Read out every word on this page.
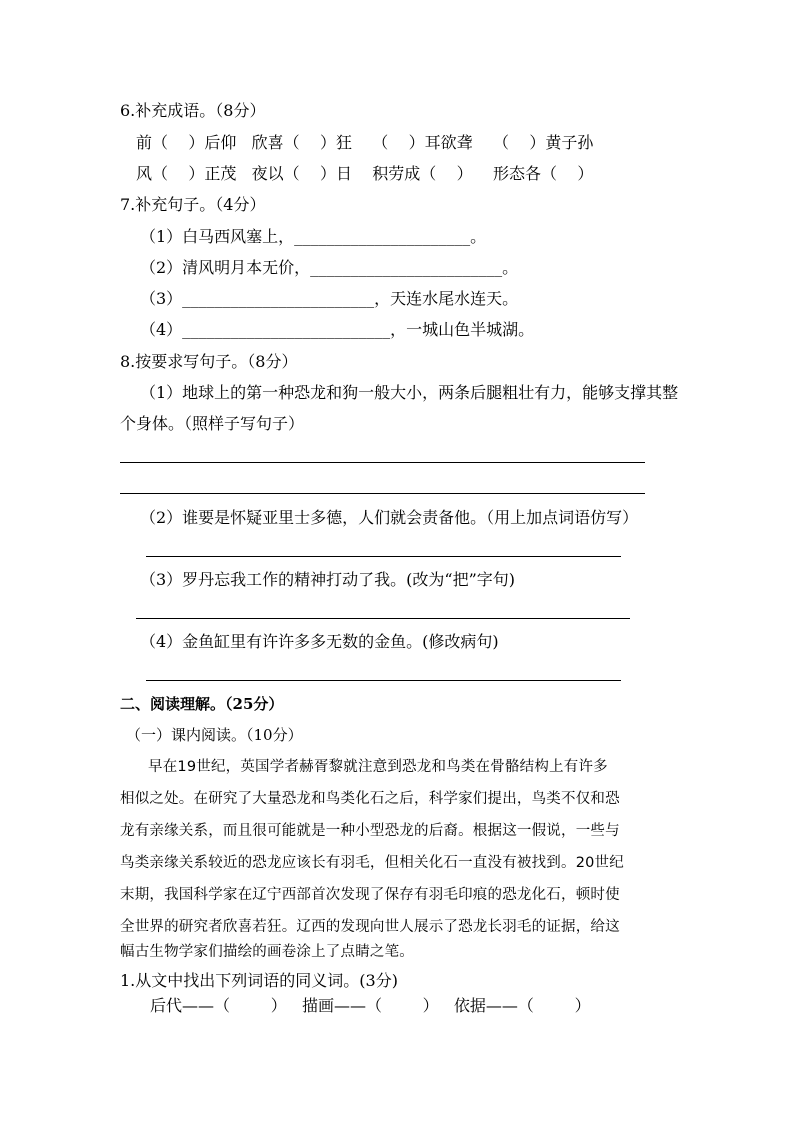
6.补充成语。（8分）
前（    ）后仰   欣喜（    ）狂    （    ）耳欲聋    （    ）黄子孙
风（    ）正茂   夜以（    ）日    积劳成（    ）    形态各（    ）
7.补充句子。（4分）
（1）白马西风塞上，______________________。
（2）清风明月本无价，________________________。
（3）________________________，天连水尾水连天。
（4）__________________________，一城山色半城湖。
8.按要求写句子。（8分）
（1）地球上的第一种恐龙和狗一般大小，两条后腿粗壮有力，能够支撑其整
个身体。（照样子写句子）
（2）谁要是怀疑亚里士多德，人们就会责备他。（用上加点词语仿写）
（3）罗丹忘我工作的精神打动了我。(改为“把”字句)
（4）金鱼缸里有许许多多无数的金鱼。(修改病句)
二、阅读理解。（25分）
（一）课内阅读。（10分）
早在19世纪，英国学者赫胥黎就注意到恐龙和鸟类在骨骼结构上有许多
相似之处。在研究了大量恐龙和鸟类化石之后，科学家们提出，鸟类不仅和恐
龙有亲缘关系，而且很可能就是一种小型恐龙的后裔。根据这一假说，一些与
鸟类亲缘关系较近的恐龙应该长有羽毛，但相关化石一直没有被找到。20世纪
末期，我国科学家在辽宁西部首次发现了保存有羽毛印痕的恐龙化石，顿时使
全世界的研究者欣喜若狂。辽西的发现向世人展示了恐龙长羽毛的证据，给这
幅古生物学家们描绘的画卷涂上了点睛之笔。
1.从文中找出下列词语的同义词。(3分)
后代——（        ）   描画——（        ）   依据——（        ）
